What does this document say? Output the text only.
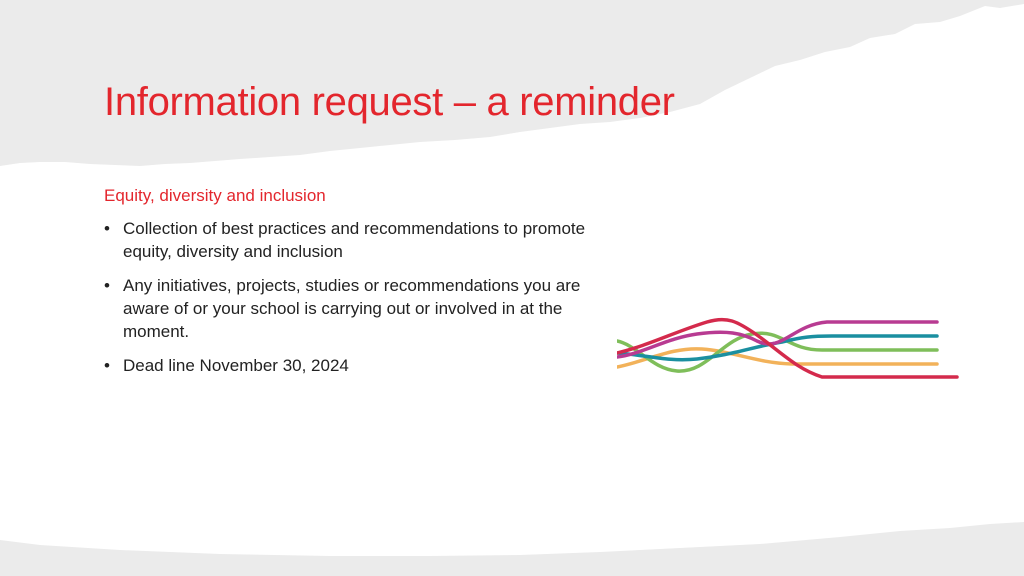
Information request – a reminder

Equity, diversity and inclusion

• Collection of best practices and recommendations to promote equity, diversity and inclusion
• Any initiatives, projects, studies or recommendations you are aware of or your school is carrying out or involved in at the moment.
• Dead line November 30, 2024
